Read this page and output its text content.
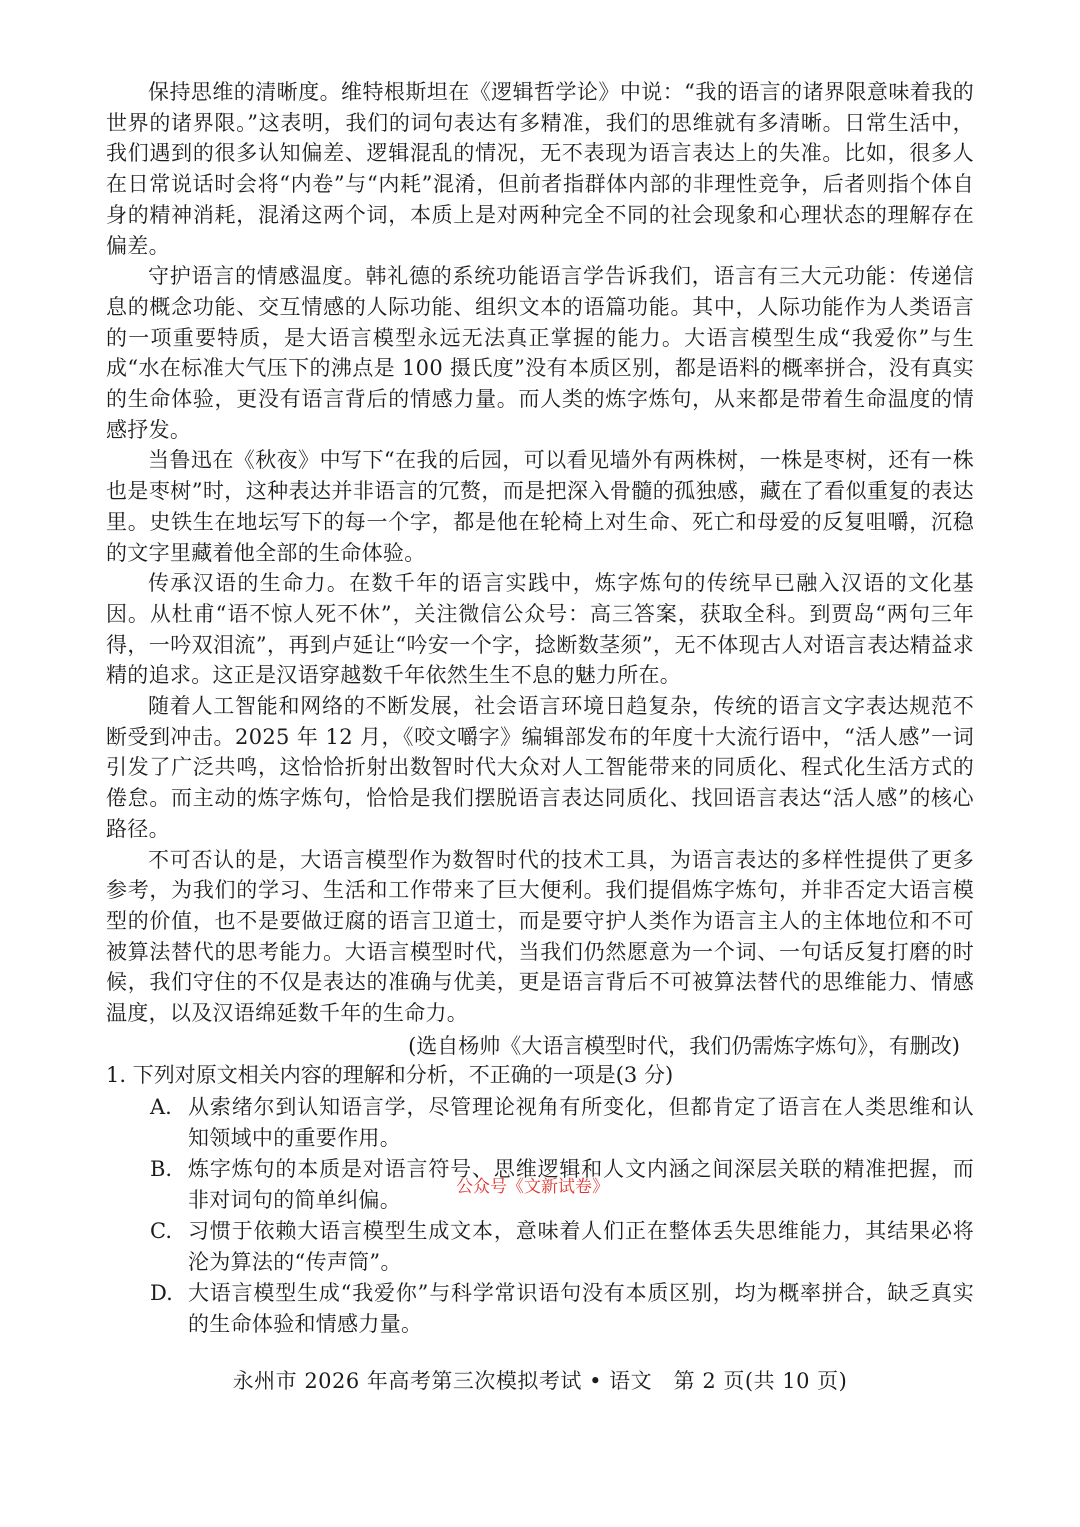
保持思维的清晰度。维特根斯坦在《逻辑哲学论》中说：“我的语言的诸界限意味着我的世界的诸界限。”这表明，我们的词句表达有多精准，我们的思维就有多清晰。日常生活中，我们遇到的很多认知偏差、逻辑混乱的情况，无不表现为语言表达上的失准。比如，很多人在日常说话时会将“内卷”与“内耗”混淆，但前者指群体内部的非理性竞争，后者则指个体自身的精神消耗，混淆这两个词，本质上是对两种完全不同的社会现象和心理状态的理解存在偏差。

守护语言的情感温度。韩礼德的系统功能语言学告诉我们，语言有三大元功能：传递信息的概念功能、交互情感的人际功能、组织文本的语篇功能。其中，人际功能作为人类语言的一项重要特质，是大语言模型永远无法真正掌握的能力。大语言模型生成“我爱你”与生成“水在标准大气压下的沸点是 100 摄氏度”没有本质区别，都是语料的概率拼合，没有真实的生命体验，更没有语言背后的情感力量。而人类的炼字炼句，从来都是带着生命温度的情感抒发。

当鲁迅在《秋夜》中写下“在我的后园，可以看见墙外有两株树，一株是枣树，还有一株也是枣树”时，这种表达并非语言的冗赘，而是把深入骨髓的孤独感，藏在了看似重复的表达里。史铁生在地坛写下的每一个字，都是他在轮椅上对生命、死亡和母爱的反复咀嚼，沉稳的文字里藏着他全部的生命体验。

传承汉语的生命力。在数千年的语言实践中，炼字炼句的传统早已融入汉语的文化基因。从杜甫“语不惊人死不休”，关注微信公众号：高三答案，获取全科。到贾岛“两句三年得，一吟双泪流”，再到卢延让“吟安一个字，捻断数茎须”，无不体现古人对语言表达精益求精的追求。这正是汉语穿越数千年依然生生不息的魅力所在。

随着人工智能和网络的不断发展，社会语言环境日趋复杂，传统的语言文字表达规范不断受到冲击。2025 年 12 月，《咬文嚼字》编辑部发布的年度十大流行语中，“活人感”一词引发了广泛共鸣，这恰恰折射出数智时代大众对人工智能带来的同质化、程式化生活方式的倦怠。而主动的炼字炼句，恰恰是我们摆脱语言表达同质化、找回语言表达“活人感”的核心路径。

不可否认的是，大语言模型作为数智时代的技术工具，为语言表达的多样性提供了更多参考，为我们的学习、生活和工作带来了巨大便利。我们提倡炼字炼句，并非否定大语言模型的价值，也不是要做迂腐的语言卫道士，而是要守护人类作为语言主人的主体地位和不可被算法替代的思考能力。大语言模型时代，当我们仍然愿意为一个词、一句话反复打磨的时候，我们守住的不仅是表达的准确与优美，更是语言背后不可被算法替代的思维能力、情感温度，以及汉语绵延数千年的生命力。

(选自杨帅《大语言模型时代，我们仍需炼字炼句》，有删改)

1. 下列对原文相关内容的理解和分析，不正确的一项是(3 分)

A. 从索绪尔到认知语言学，尽管理论视角有所变化，但都肯定了语言在人类思维和认知领域中的重要作用。
B. 炼字炼句的本质是对语言符号、思维逻辑和人文内涵之间深层关联的精准把握，而非对词句的简单纠偏。
C. 习惯于依赖大语言模型生成文本，意味着人们正在整体丢失思维能力，其结果必将沦为算法的“传声筒”。
D. 大语言模型生成“我爱你”与科学常识语句没有本质区别，均为概率拼合，缺乏真实的生命体验和情感力量。
公众号《文新试卷》
永州市 2026 年高考第三次模拟考试 • 语文　第 2 页(共 10 页)
